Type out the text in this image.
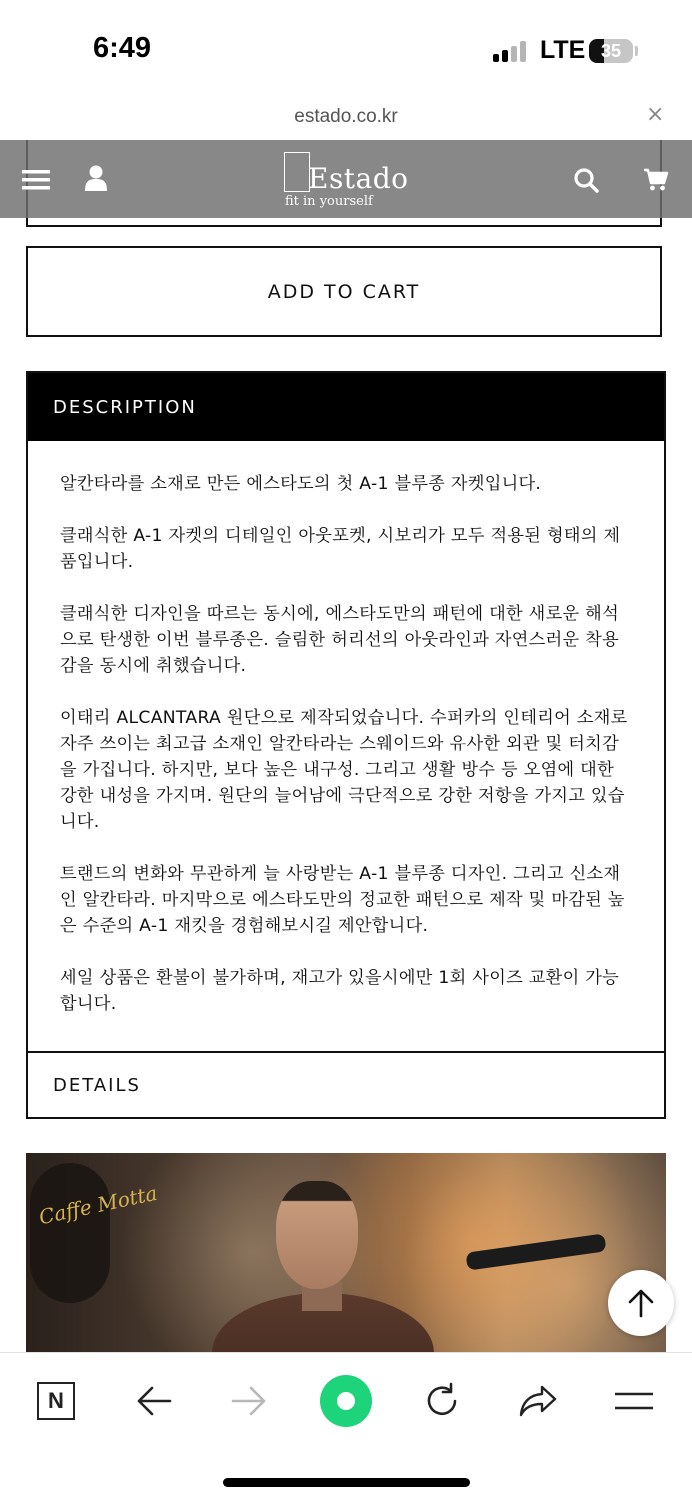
6:49	LTE 35
estado.co.kr	×
ADD TO CART
DESCRIPTION

알칸타라를 소재로 만든 에스타도의 첫 A-1 블루종 자켓입니다.

클래식한 A-1 자켓의 디테일인 아웃포켓, 시보리가 모두 적용된 형태의 제품입니다.

클래식한 디자인을 따르는 동시에, 에스타도만의 패턴에 대한 새로운 해석으로 탄생한 이번 블루종은. 슬림한 허리선의 아웃라인과 자연스러운 착용감을 동시에 취했습니다.

이태리 ALCANTARA 원단으로 제작되었습니다. 수퍼카의 인테리어 소재로 자주 쓰이는 최고급 소재인 알칸타라는 스웨이드와 유사한 외관 및 터치감을 가집니다. 하지만, 보다 높은 내구성. 그리고 생활 방수 등 오염에 대한 강한 내성을 가지며. 원단의 늘어남에 극단적으로 강한 저항을 가지고 있습니다.

트랜드의 변화와 무관하게 늘 사랑받는 A-1 블루종 디자인. 그리고 신소재인 알칸타라. 마지막으로 에스타도만의 정교한 패턴으로 제작 및 마감된 높은 수준의 A-1 재킷을 경험해보시길 제안합니다.

세일 상품은 환불이 불가하며, 재고가 있을시에만 1회 사이즈 교환이 가능합니다.

DETAILS
Caffe Motta
Estado
fit in yourself
N
